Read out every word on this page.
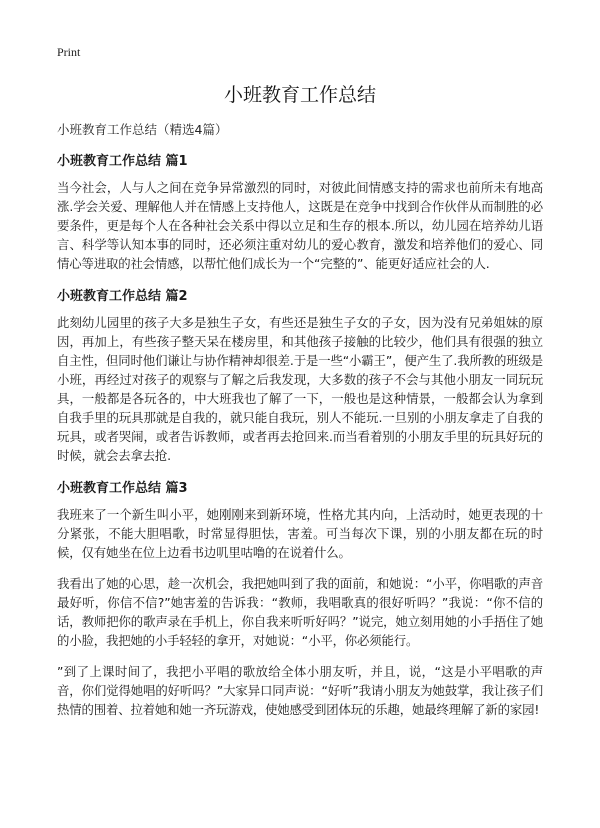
Print
小班教育工作总结

小班教育工作总结（精选4篇）

小班教育工作总结 篇1

当今社会，人与人之间在竞争异常激烈的同时，对彼此间情感支持的需求也前所未有地高涨.学会关爱、理解他人并在情感上支持他人，这既是在竞争中找到合作伙伴从而制胜的必要条件，更是每个人在各种社会关系中得以立足和生存的根本.所以，幼儿园在培养幼儿语言、科学等认知本事的同时，还必须注重对幼儿的爱心教育，激发和培养他们的爱心、同情心等进取的社会情感，以帮忙他们成长为一个“完整的”、能更好适应社会的人.

小班教育工作总结 篇2

此刻幼儿园里的孩子大多是独生子女，有些还是独生子女的子女，因为没有兄弟姐妹的原因，再加上，有些孩子整天呆在楼房里，和其他孩子接触的比较少，他们具有很强的独立自主性，但同时他们谦让与协作精神却很差.于是一些“小霸王”，便产生了.我所教的班级是小班，再经过对孩子的观察与了解之后我发现，大多数的孩子不会与其他小朋友一同玩玩具，一般都是各玩各的，中大班我也了解了一下，一般也是这种情景，一般都会认为拿到自我手里的玩具那就是自我的，就只能自我玩，别人不能玩.一旦别的小朋友拿走了自我的玩具，或者哭闹，或者告诉教师，或者再去抢回来.而当看着别的小朋友手里的玩具好玩的时候，就会去拿去抢.

小班教育工作总结 篇3

我班来了一个新生叫小平，她刚刚来到新环境，性格尤其内向，上活动时，她更表现的十分紧张，不能大胆唱歌，时常显得胆怯，害羞。可当每次下课，别的小朋友都在玩的时候，仅有她坐在位上边看书边叽里咕噜的在说着什么。

我看出了她的心思，趁一次机会，我把她叫到了我的面前，和她说：“小平，你唱歌的声音最好听，你信不信?”她害羞的告诉我：“教师，我唱歌真的很好听吗？”我说：“你不信的话，教师把你的歌声录在手机上，你自我来听听好吗？”说完，她立刻用她的小手捂住了她的小脸，我把她的小手轻轻的拿开，对她说：“小平，你必须能行。

”到了上课时间了，我把小平唱的歌放给全体小朋友听，并且，说，“这是小平唱歌的声音，你们觉得她唱的好听吗？”大家异口同声说：“好听”我请小朋友为她鼓掌，我让孩子们热情的围着、拉着她和她一齐玩游戏，使她感受到团体玩的乐趣，她最终理解了新的家园!
